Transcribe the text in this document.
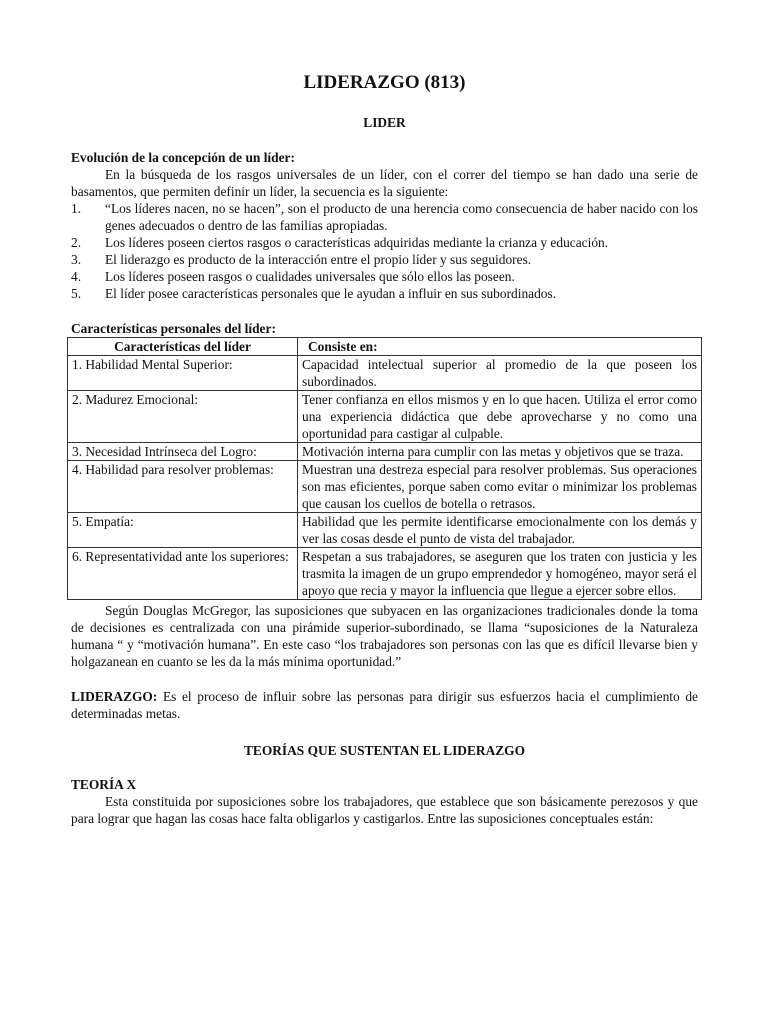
LIDERAZGO (813)
LIDER
Evolución de la concepción de un líder:

En la búsqueda de los rasgos universales de un líder, con el correr del tiempo se han dado una serie de basamentos, que permiten definir un líder, la secuencia es la siguiente:

1. “Los líderes nacen, no se hacen”, son el producto de una herencia como consecuencia de haber nacido con los genes adecuados o dentro de las familias apropiadas.
2. Los líderes poseen ciertos rasgos o características adquiridas mediante la crianza y educación.
3. El liderazgo es producto de la interacción entre el propio líder y sus seguidores.
4. Los líderes poseen rasgos o cualidades universales que sólo ellos las poseen.
5. El líder posee características personales que le ayudan a influir en sus subordinados.
Características personales del líder:
Características del líder	Consiste en:
1. Habilidad Mental Superior:	Capacidad intelectual superior al promedio de la que poseen los subordinados.
2. Madurez Emocional:	Tener confianza en ellos mismos y en lo que hacen. Utiliza el error como una experiencia didáctica que debe aprovecharse y no como una oportunidad para castigar al culpable.
3. Necesidad Intrínseca del Logro:	Motivación interna para cumplir con las metas y objetivos que se traza.
4. Habilidad para resolver problemas:	Muestran una destreza especial para resolver problemas. Sus operaciones son mas eficientes, porque saben como evitar o minimizar los problemas que causan los cuellos de botella o retrasos.
5. Empatía:	Habilidad que les permite identificarse emocionalmente con los demás y ver las cosas desde el punto de vista del trabajador.
6. Representatividad ante los superiores:	Respetan a sus trabajadores, se aseguren que los traten con justicia y les trasmita la imagen de un grupo emprendedor y homogéneo, mayor será el apoyo que recia y mayor la influencia que llegue a ejercer sobre ellos.

Según Douglas McGregor, las suposiciones que subyacen en las organizaciones tradicionales donde la toma de decisiones es centralizada con una pirámide superior-subordinado, se llama “suposiciones de la Naturaleza humana “ y “motivación humana”. En este caso “los trabajadores son personas con las que es difícil llevarse bien y holgazanean en cuanto se les da la más mínima oportunidad.”

LIDERAZGO: Es el proceso de influir sobre las personas para dirigir sus esfuerzos hacia el cumplimiento de determinadas metas.

TEORÍAS QUE SUSTENTAN EL LIDERAZGO
TEORÍA X

Esta constituida por suposiciones sobre los trabajadores, que establece que son básicamente perezosos y que para lograr que hagan las cosas hace falta obligarlos y castigarlos. Entre las suposiciones conceptuales están:
